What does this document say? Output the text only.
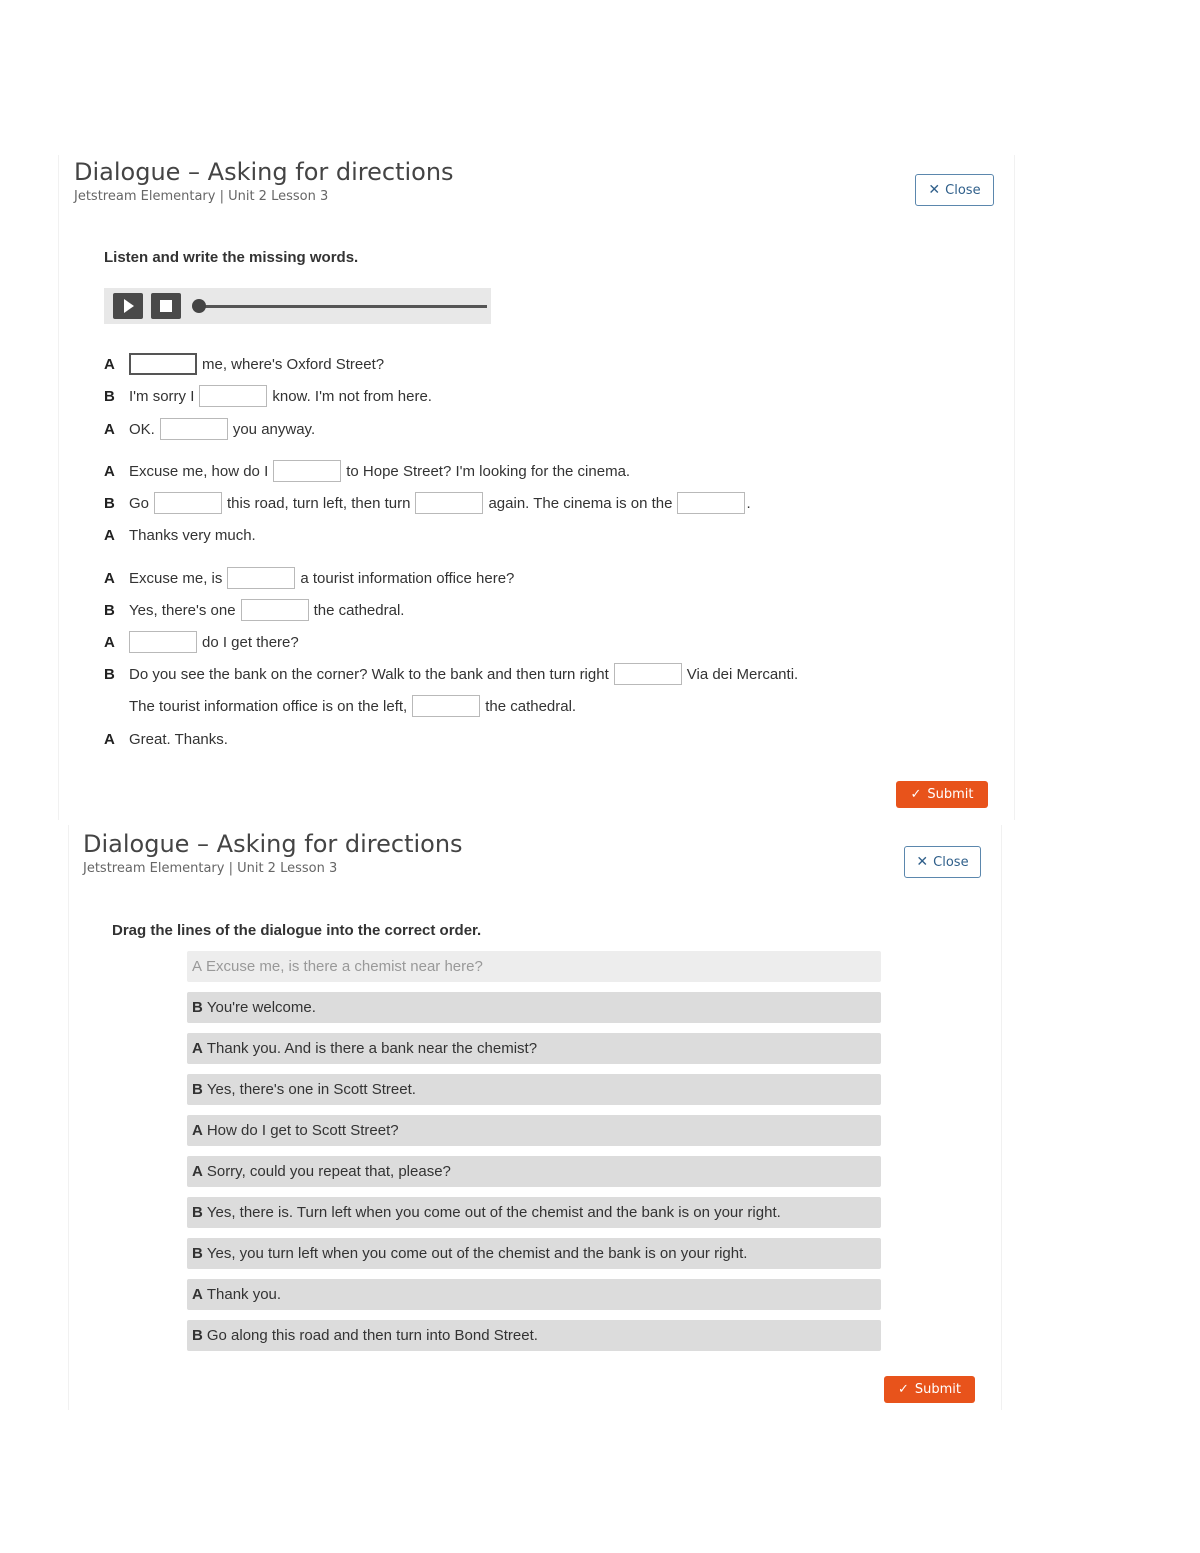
Dialogue – Asking for directions
Jetstream Elementary | Unit 2 Lesson 3	✕ Close
Listen and write the missing words.
A	me, where's Oxford Street?
B I'm sorry I	know. I'm not from here.
A OK.	you anyway.
A Excuse me, how do I	to Hope Street? I'm looking for the cinema.
B Go	this road, turn left, then turn	again. The cinema is on the	.
A Thanks very much.
A Excuse me, is	a tourist information office here?
B Yes, there's one	the cathedral.
A	do I get there?
B Do you see the bank on the corner? Walk to the bank and then turn right	Via dei Mercanti.
The tourist information office is on the left,	the cathedral.
A Great. Thanks.
✓ Submit
Dialogue – Asking for directions
Jetstream Elementary | Unit 2 Lesson 3	✕ Close
Drag the lines of the dialogue into the correct order.
A Excuse me, is there a chemist near here?
B You're welcome.
A Thank you. And is there a bank near the chemist?
B Yes, there's one in Scott Street.
A How do I get to Scott Street?
A Sorry, could you repeat that, please?
B Yes, there is. Turn left when you come out of the chemist and the bank is on your right.
B Yes, you turn left when you come out of the chemist and the bank is on your right.
A Thank you.
B Go along this road and then turn into Bond Street.
✓ Submit
